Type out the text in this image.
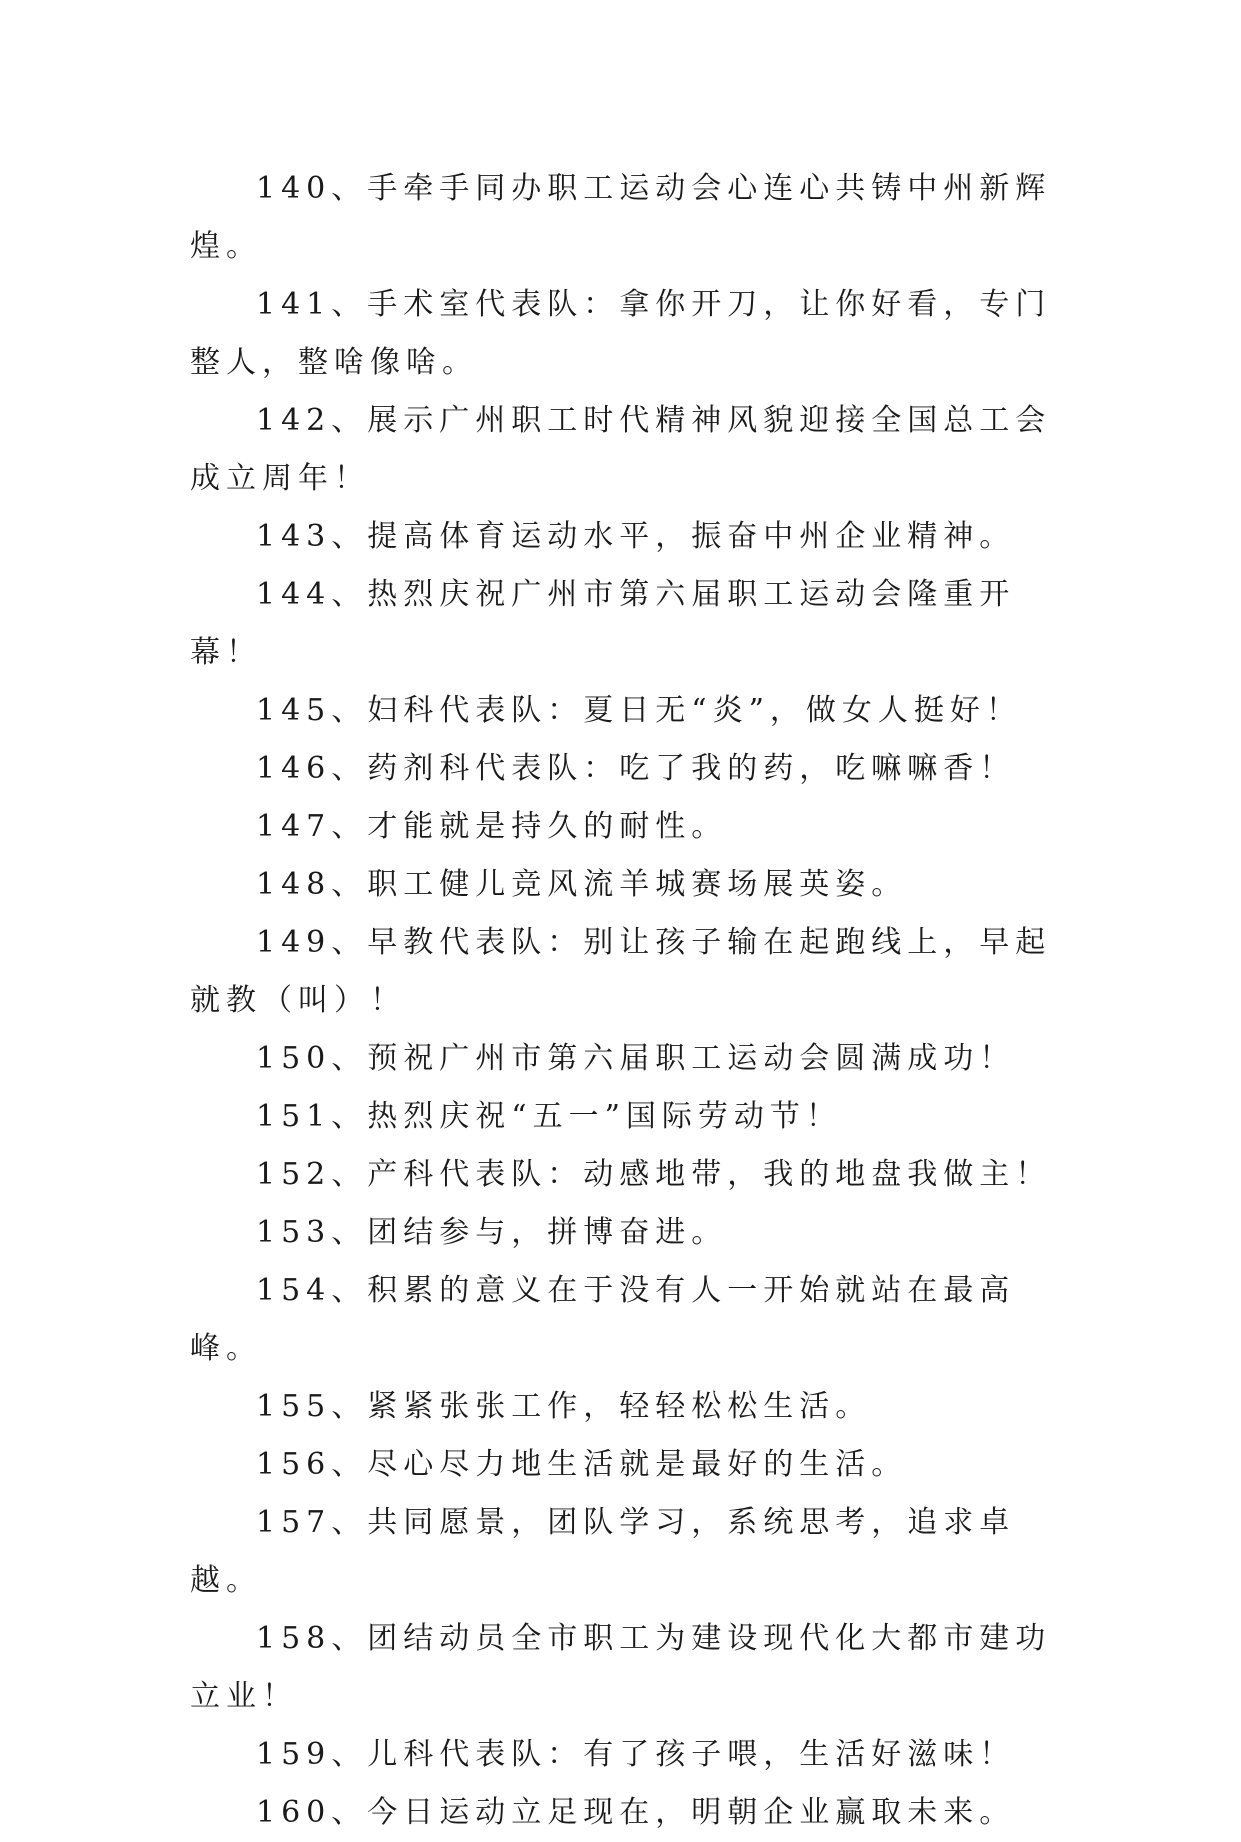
140、手牵手同办职工运动会心连心共铸中州新辉煌。

141、手术室代表队：拿你开刀，让你好看，专门整人，整啥像啥。

142、展示广州职工时代精神风貌迎接全国总工会成立周年！

143、提高体育运动水平，振奋中州企业精神。

144、热烈庆祝广州市第六届职工运动会隆重开幕！

145、妇科代表队：夏日无“炎”，做女人挺好！

146、药剂科代表队：吃了我的药，吃嘛嘛香！

147、才能就是持久的耐性。

148、职工健儿竞风流羊城赛场展英姿。

149、早教代表队：别让孩子输在起跑线上，早起就教（叫）！

150、预祝广州市第六届职工运动会圆满成功！

151、热烈庆祝“五一”国际劳动节！

152、产科代表队：动感地带，我的地盘我做主！

153、团结参与，拼博奋进。

154、积累的意义在于没有人一开始就站在最高峰。

155、紧紧张张工作，轻轻松松生活。

156、尽心尽力地生活就是最好的生活。

157、共同愿景，团队学习，系统思考，追求卓越。

158、团结动员全市职工为建设现代化大都市建功立业！

159、儿科代表队：有了孩子喂，生活好滋味！

160、今日运动立足现在，明朝企业赢取未来。
